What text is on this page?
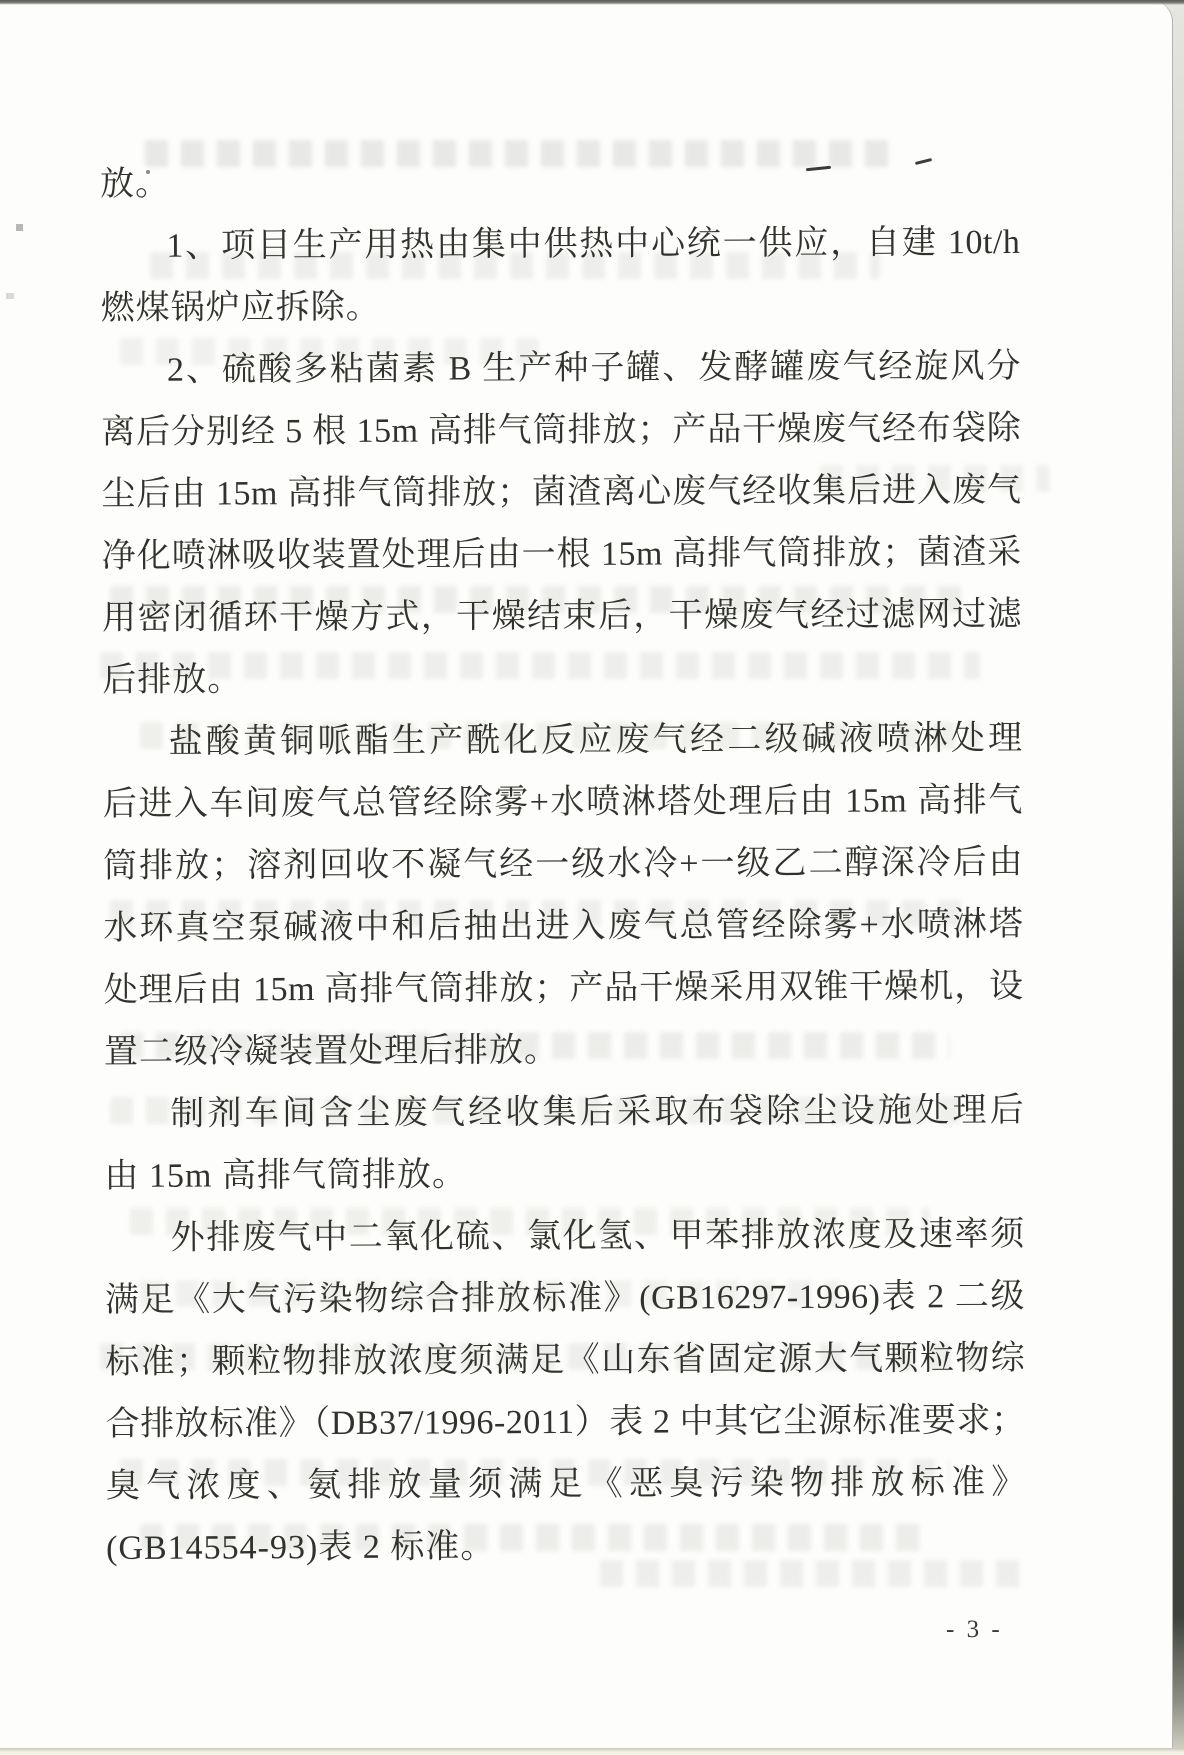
放。
1、项目生产用热由集中供热中心统一供应，自建 10t/h
燃煤锅炉应拆除。
2、硫酸多粘菌素 B 生产种子罐、发酵罐废气经旋风分
离后分别经 5 根 15m 高排气筒排放；产品干燥废气经布袋除
尘后由 15m 高排气筒排放；菌渣离心废气经收集后进入废气
净化喷淋吸收装置处理后由一根 15m 高排气筒排放；菌渣采
用密闭循环干燥方式，干燥结束后，干燥废气经过滤网过滤
后排放。
盐酸黄铜哌酯生产酰化反应废气经二级碱液喷淋处理
后进入车间废气总管经除雾+水喷淋塔处理后由 15m 高排气
筒排放；溶剂回收不凝气经一级水冷+一级乙二醇深冷后由
水环真空泵碱液中和后抽出进入废气总管经除雾+水喷淋塔
处理后由 15m 高排气筒排放；产品干燥采用双锥干燥机，设
置二级冷凝装置处理后排放。
制剂车间含尘废气经收集后采取布袋除尘设施处理后
由 15m 高排气筒排放。
外排废气中二氧化硫、氯化氢、甲苯排放浓度及速率须
满足《大气污染物综合排放标准》(GB16297-1996)表 2 二级
标准；颗粒物排放浓度须满足《山东省固定源大气颗粒物综
合排放标准》（DB37/1996-2011）表 2 中其它尘源标准要求；
臭气浓度、氨排放量须满足《恶臭污染物排放标准》
(GB14554-93)表 2 标准。
- 3 -
